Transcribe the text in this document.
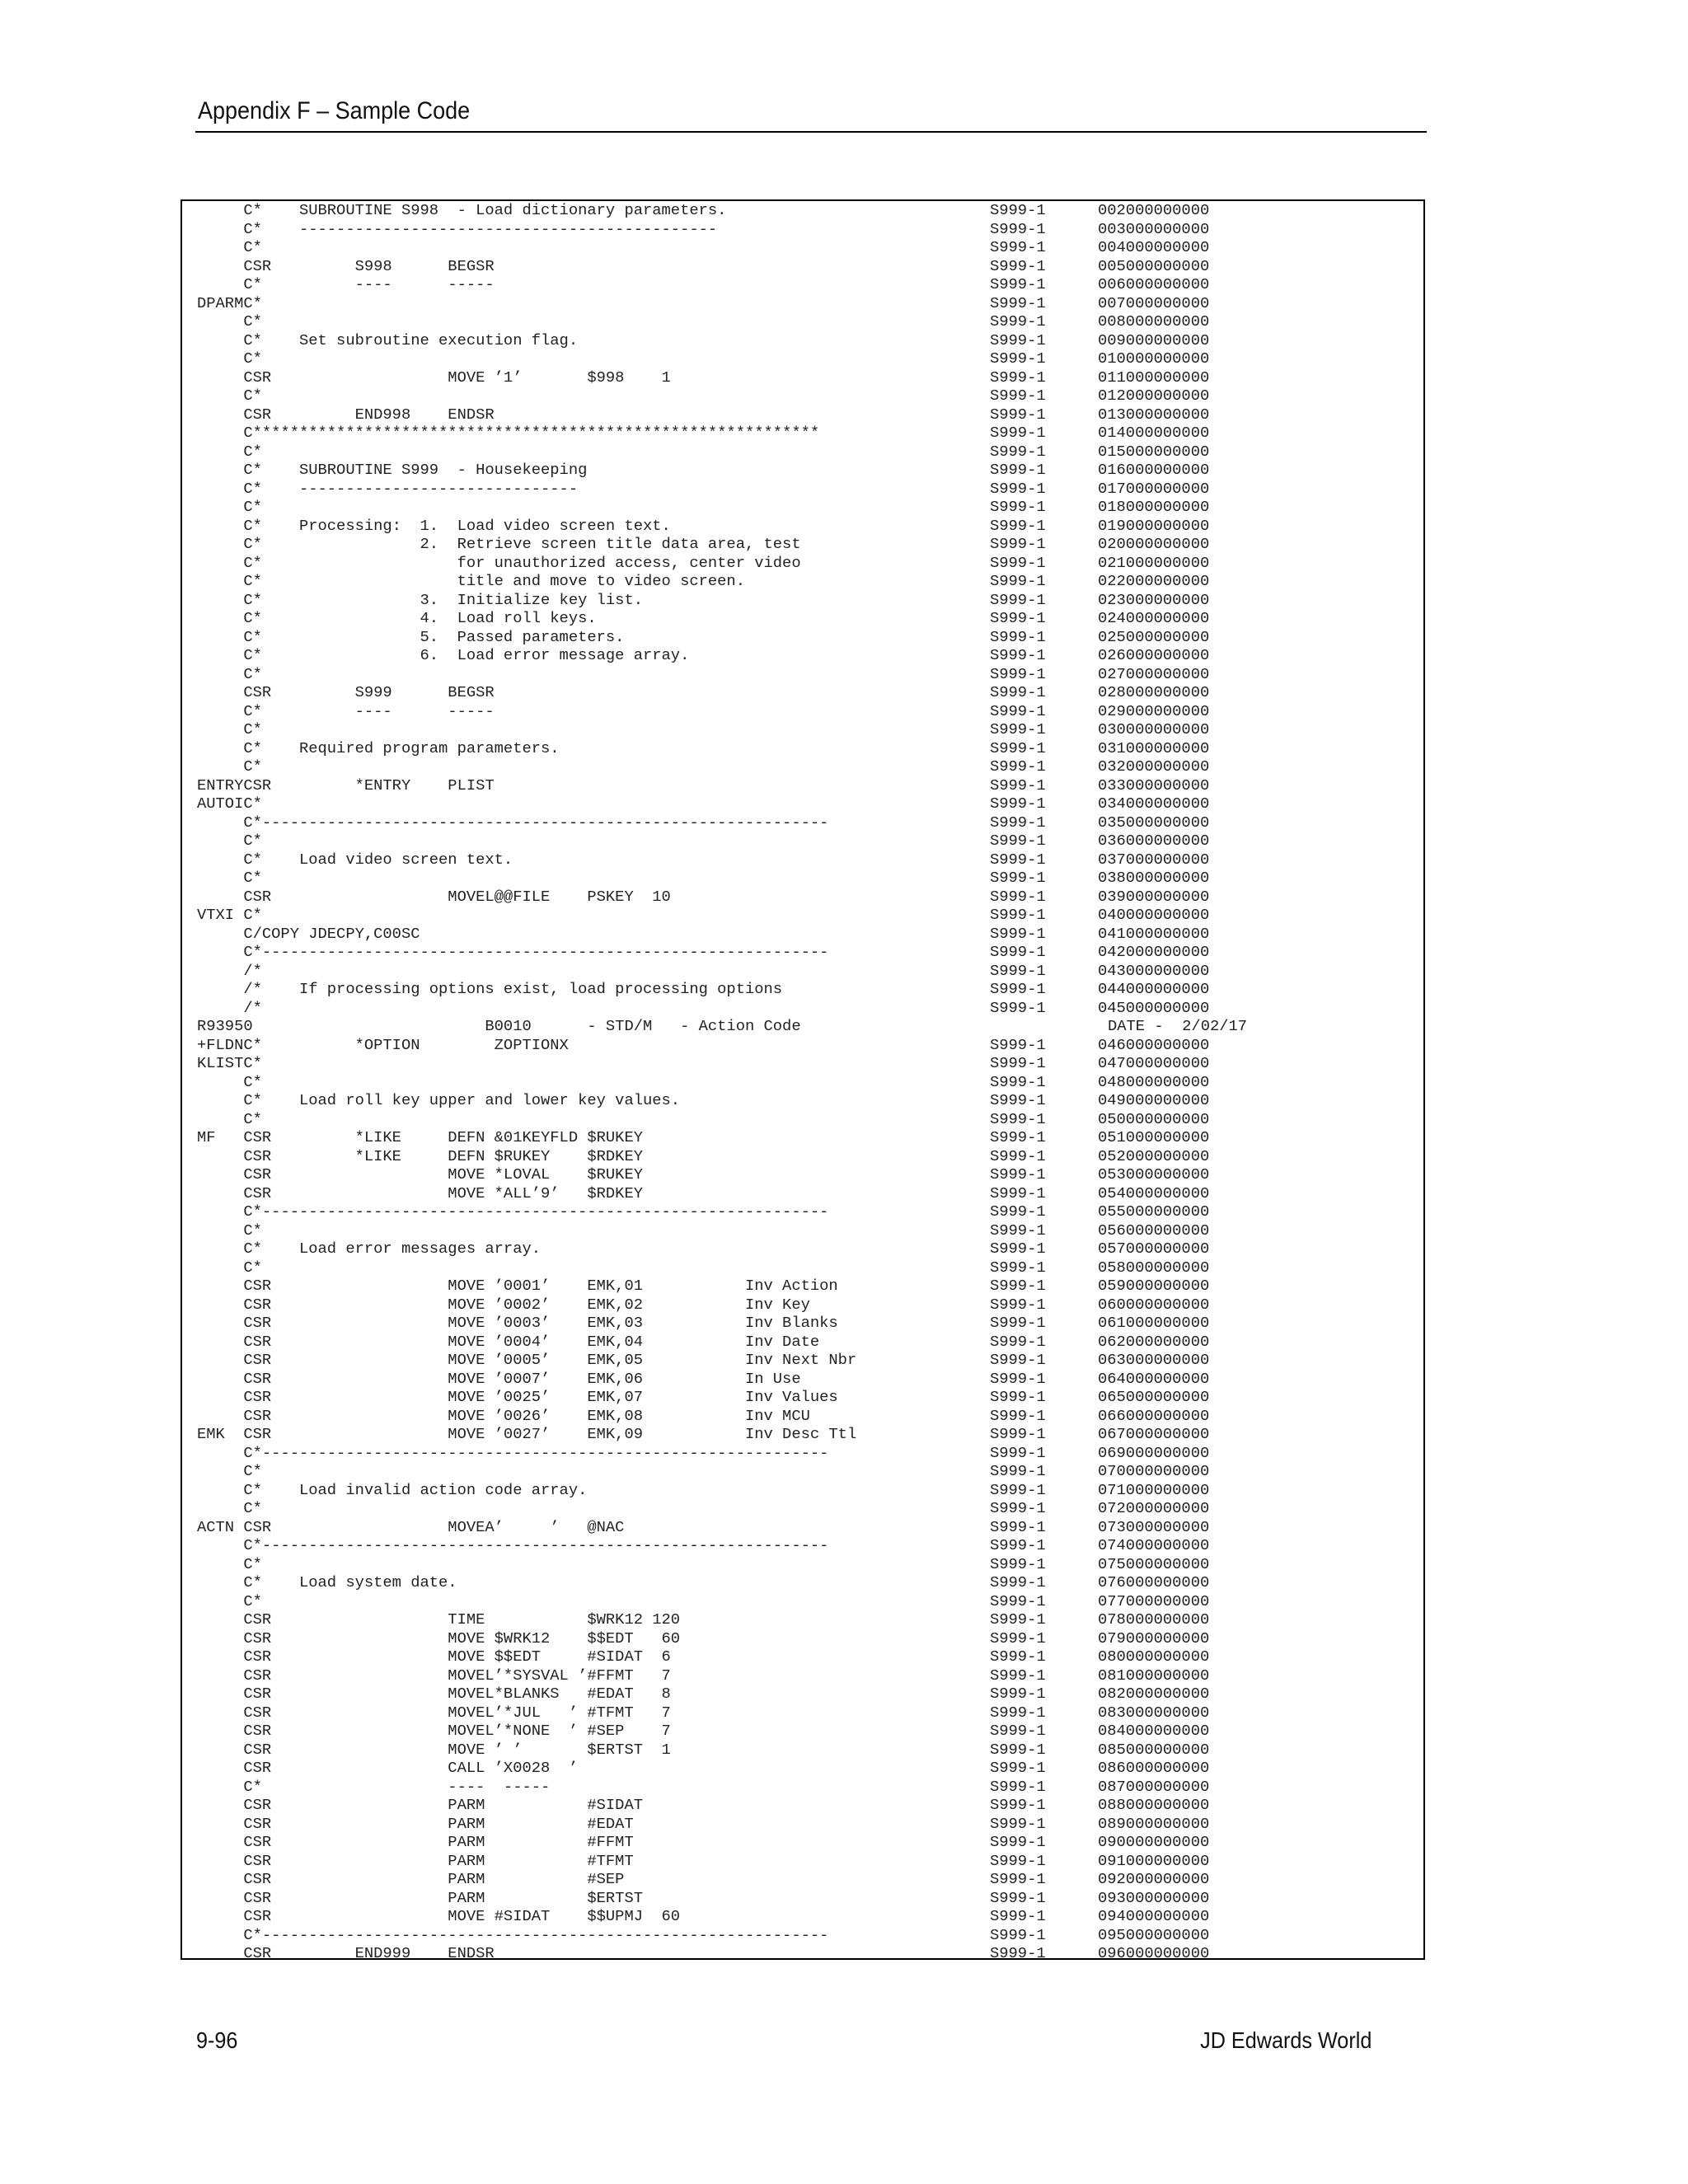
Appendix F – Sample Code
C*    SUBROUTINE S998  - Load dictionary parameters.	S999-1	002000000000
C*    ---------------------------------------------	S999-1	003000000000
C*	S999-1	004000000000
CSR         S998      BEGSR	S999-1	005000000000
C*          ----      -----	S999-1	006000000000
DPARMC*	S999-1	007000000000
C*	S999-1	008000000000
C*    Set subroutine execution flag.	S999-1	009000000000
C*	S999-1	010000000000
CSR                   MOVE ’1’       $998    1	S999-1	011000000000
C*	S999-1	012000000000
CSR         END998    ENDSR	S999-1	013000000000
C*************************************************************	S999-1	014000000000
C*	S999-1	015000000000
C*    SUBROUTINE S999  - Housekeeping	S999-1	016000000000
C*    ------------------------------	S999-1	017000000000
C*	S999-1	018000000000
C*    Processing:  1.  Load video screen text.	S999-1	019000000000
C*                 2.  Retrieve screen title data area, test	S999-1	020000000000
C*                     for unauthorized access, center video	S999-1	021000000000
C*                     title and move to video screen.	S999-1	022000000000
C*                 3.  Initialize key list.	S999-1	023000000000
C*                 4.  Load roll keys.	S999-1	024000000000
C*                 5.  Passed parameters.	S999-1	025000000000
C*                 6.  Load error message array.	S999-1	026000000000
C*	S999-1	027000000000
CSR         S999      BEGSR	S999-1	028000000000
C*          ----      -----	S999-1	029000000000
C*	S999-1	030000000000
C*    Required program parameters.	S999-1	031000000000
C*	S999-1	032000000000
ENTRYCSR         *ENTRY    PLIST	S999-1	033000000000
AUTOIC*	S999-1	034000000000
C*-------------------------------------------------------------	S999-1	035000000000
C*	S999-1	036000000000
C*    Load video screen text.	S999-1	037000000000
C*	S999-1	038000000000
CSR                   MOVEL@@FILE    PSKEY  10	S999-1	039000000000
VTXI C*	S999-1	040000000000
C/COPY JDECPY,C00SC	S999-1	041000000000
C*-------------------------------------------------------------	S999-1	042000000000
/*	S999-1	043000000000
/*    If processing options exist, load processing options	S999-1	044000000000
/*	S999-1	045000000000
R93950                         B0010      - STD/M   - Action Code	DATE -  2/02/17
+FLDNC*          *OPTION        ZOPTIONX	S999-1	046000000000
KLISTC*	S999-1	047000000000
C*	S999-1	048000000000
C*    Load roll key upper and lower key values.	S999-1	049000000000
C*	S999-1	050000000000
MF   CSR         *LIKE     DEFN &01KEYFLD $RUKEY	S999-1	051000000000
CSR         *LIKE     DEFN $RUKEY    $RDKEY	S999-1	052000000000
CSR                   MOVE *LOVAL    $RUKEY	S999-1	053000000000
CSR                   MOVE *ALL’9’   $RDKEY	S999-1	054000000000
C*-------------------------------------------------------------	S999-1	055000000000
C*	S999-1	056000000000
C*    Load error messages array.	S999-1	057000000000
C*	S999-1	058000000000
CSR                   MOVE ’0001’    EMK,01           Inv Action	S999-1	059000000000
CSR                   MOVE ’0002’    EMK,02           Inv Key	S999-1	060000000000
CSR                   MOVE ’0003’    EMK,03           Inv Blanks	S999-1	061000000000
CSR                   MOVE ’0004’    EMK,04           Inv Date	S999-1	062000000000
CSR                   MOVE ’0005’    EMK,05           Inv Next Nbr	S999-1	063000000000
CSR                   MOVE ’0007’    EMK,06           In Use	S999-1	064000000000
CSR                   MOVE ’0025’    EMK,07           Inv Values	S999-1	065000000000
CSR                   MOVE ’0026’    EMK,08           Inv MCU	S999-1	066000000000
EMK  CSR                   MOVE ’0027’    EMK,09           Inv Desc Ttl	S999-1	067000000000
C*-------------------------------------------------------------	S999-1	069000000000
C*	S999-1	070000000000
C*    Load invalid action code array.	S999-1	071000000000
C*	S999-1	072000000000
ACTN CSR                   MOVEA’     ’   @NAC	S999-1	073000000000
C*-------------------------------------------------------------	S999-1	074000000000
C*	S999-1	075000000000
C*    Load system date.	S999-1	076000000000
C*	S999-1	077000000000
CSR                   TIME           $WRK12 120	S999-1	078000000000
CSR                   MOVE $WRK12    $$EDT   60	S999-1	079000000000
CSR                   MOVE $$EDT     #SIDAT  6	S999-1	080000000000
CSR                   MOVEL’*SYSVAL ’#FFMT   7	S999-1	081000000000
CSR                   MOVEL*BLANKS   #EDAT   8	S999-1	082000000000
CSR                   MOVEL’*JUL   ’ #TFMT   7	S999-1	083000000000
CSR                   MOVEL’*NONE  ’ #SEP    7	S999-1	084000000000
CSR                   MOVE ’ ’       $ERTST  1	S999-1	085000000000
CSR                   CALL ’X0028  ’	S999-1	086000000000
C*                    ----  -----	S999-1	087000000000
CSR                   PARM           #SIDAT	S999-1	088000000000
CSR                   PARM           #EDAT	S999-1	089000000000
CSR                   PARM           #FFMT	S999-1	090000000000
CSR                   PARM           #TFMT	S999-1	091000000000
CSR                   PARM           #SEP	S999-1	092000000000
CSR                   PARM           $ERTST	S999-1	093000000000
CSR                   MOVE #SIDAT    $$UPMJ  60	S999-1	094000000000
C*-------------------------------------------------------------	S999-1	095000000000
CSR         END999    ENDSR	S999-1	096000000000
9-96	JD Edwards World
